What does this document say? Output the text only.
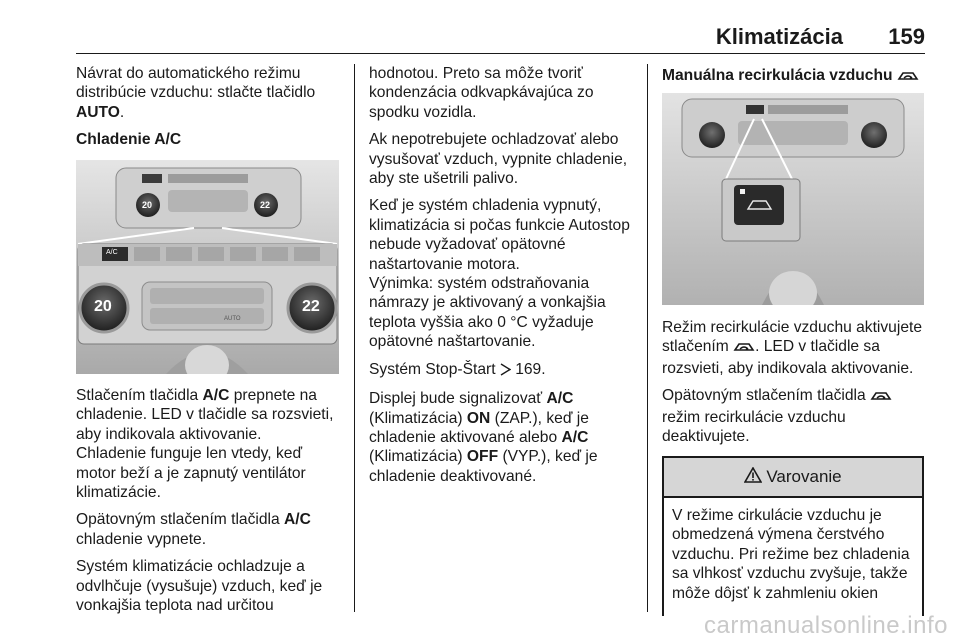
Klimatizácia 159

Návrat do automatického režimu distribúcie vzduchu: stlačte tlačidlo AUTO.

Chladenie A/C
20	22
20	22
A/C
AUTO

Stlačením tlačidla A/C prepnete na chladenie. LED v tlačidle sa rozsvieti, aby indikovala aktivovanie.
Chladenie funguje len vtedy, keď motor beží a je zapnutý ventilátor klimatizácie.

Opätovným stlačením tlačidla A/C chladenie vypnete.

Systém klimatizácie ochladzuje a odvlhčuje (vysušuje) vzduch, keď je vonkajšia teplota nad určitou

hodnotou. Preto sa môže tvoriť kondenzácia odkvapkávajúca zo spodku vozidla.

Ak nepotrebujete ochladzovať alebo vysušovať vzduch, vypnite chladenie, aby ste ušetrili palivo.

Keď je systém chladenia vypnutý, klimatizácia si počas funkcie Autostop nebude vyžadovať opätovné naštartovanie motora.

Výnimka: systém odstraňovania námrazy je aktivovaný a vonkajšia teplota vyššia ako 0 °C vyžaduje opätovné naštartovanie.

Systém Stop-Štart  169.

Displej bude signalizovať A/C (Klimatizácia) ON (ZAP.), keď je chladenie aktivované alebo A/C (Klimatizácia) OFF (VYP.), keď je chladenie deaktivované.

Manuálna recirkulácia vzduchu

Režim recirkulácie vzduchu aktivujete stlačením . LED v tlačidle sa rozsvieti, aby indikovala aktivovanie.

Opätovným stlačením tlačidla  režim recirkulácie vzduchu deaktivujete.

Varovanie
V režime cirkulácie vzduchu je obmedzená výmena čerstvého vzduchu. Pri režime bez chladenia sa vlhkosť vzduchu zvyšuje, takže môže dôjsť k zahmleniu okien
carmanualsonline.info
